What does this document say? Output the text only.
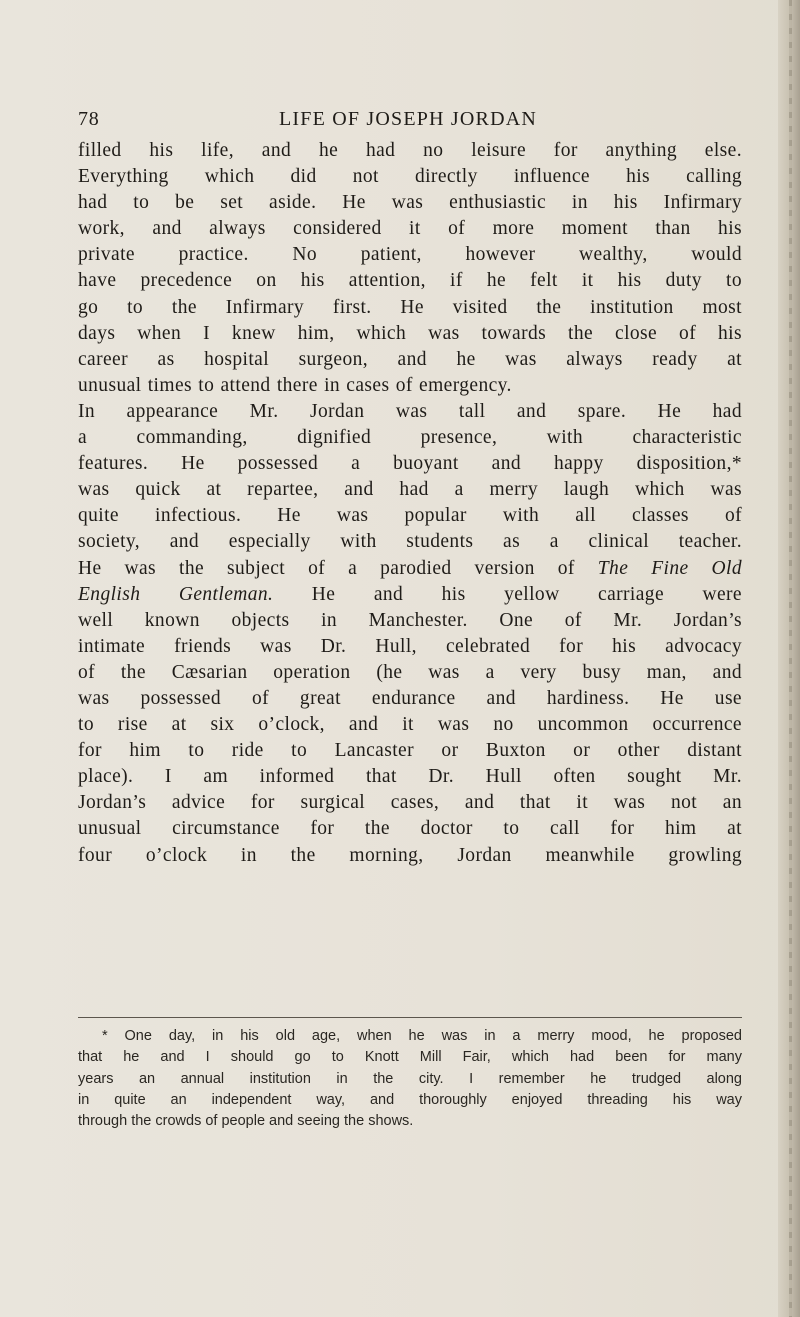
78	LIFE OF JOSEPH JORDAN
filled his life, and he had no leisure for anything else.
Everything which did not directly influence his calling
had to be set aside. He was enthusiastic in his Infirmary
work, and always considered it of more moment than his
private practice. No patient, however wealthy, would
have precedence on his attention, if he felt it his duty to
go to the Infirmary first. He visited the institution most
days when I knew him, which was towards the close of his
career as hospital surgeon, and he was always ready at
unusual times to attend there in cases of emergency.
In appearance Mr. Jordan was tall and spare. He had
a commanding, dignified presence, with characteristic
features. He possessed a buoyant and happy disposition,*
was quick at repartee, and had a merry laugh which was
quite infectious. He was popular with all classes of
society, and especially with students as a clinical teacher.
He was the subject of a parodied version of The Fine Old
English Gentleman. He and his yellow carriage were
well known objects in Manchester. One of Mr. Jordan’s
intimate friends was Dr. Hull, celebrated for his advocacy
of the Cæsarian operation (he was a very busy man, and
was possessed of great endurance and hardiness. He use
to rise at six o’clock, and it was no uncommon occurrence
for him to ride to Lancaster or Buxton or other distant
place). I am informed that Dr. Hull often sought Mr.
Jordan’s advice for surgical cases, and that it was not an
unusual circumstance for the doctor to call for him at
four o’clock in the morning, Jordan meanwhile growling
* One day, in his old age, when he was in a merry mood, he proposed
that he and I should go to Knott Mill Fair, which had been for many
years an annual institution in the city. I remember he trudged along
in quite an independent way, and thoroughly enjoyed threading his way
through the crowds of people and seeing the shows.
